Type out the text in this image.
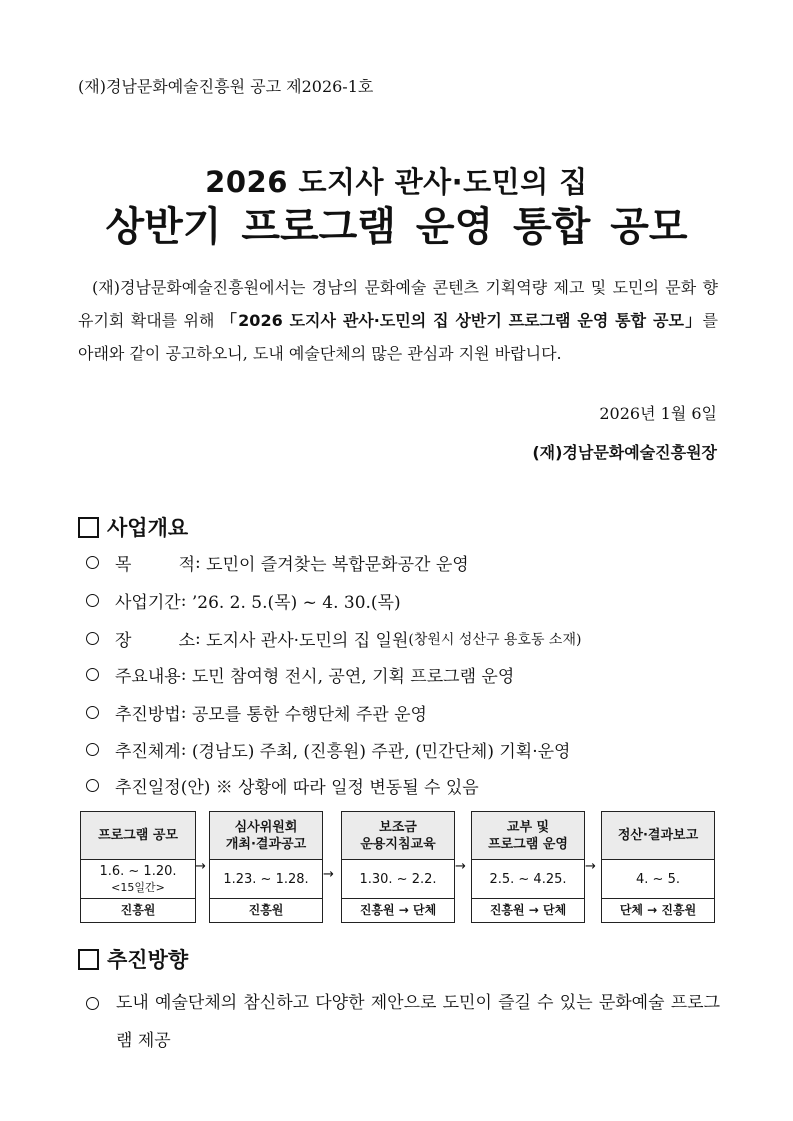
(재)경남문화예술진흥원 공고 제2026-1호
2026 도지사 관사·도민의 집
상반기 프로그램 운영 통합 공모
(재)경남문화예술진흥원에서는 경남의 문화예술 콘텐츠 기획역량 제고 및 도민의 문화 향유기회 확대를 위해 「2026 도지사 관사·도민의 집 상반기 프로그램 운영 통합 공모」를 아래와 같이 공고하오니, 도내 예술단체의 많은 관심과 지원 바랍니다.
2026년 1월 6일
(재)경남문화예술진흥원장
사업개요
목　　적 : 도민이 즐겨찾는 복합문화공간 운영
사업기간 : ’26. 2. 5.(목) ~ 4. 30.(목)
장　　소 : 도지사 관사·도민의 집 일원 (창원시 성산구 용호동 소재)
주요내용 : 도민 참여형 전시, 공연, 기획 프로그램 운영
추진방법 : 공모를 통한 수행단체 주관 운영
추진체계 : (경남도) 주최, (진흥원) 주관, (민간단체) 기획·운영
추진일정(안)
※ 상황에 따라 일정 변동될 수 있음
프로그램 공모
1.6. ~ 1.20.
<15일간>
진흥원
→
심사위원회
개최·결과공고
1.23. ~ 1.28.
진흥원
→
보조금
운용지침교육
1.30. ~ 2.2.
진흥원 → 단체
→
교부 및
프로그램 운영
2.5. ~ 4.25.
진흥원 → 단체
→
정산·결과보고
4. ~ 5.
단체 → 진흥원
추진방향
도내 예술단체의 참신하고 다양한 제안으로 도민이 즐길 수 있는 문화예술 프로그램 제공
